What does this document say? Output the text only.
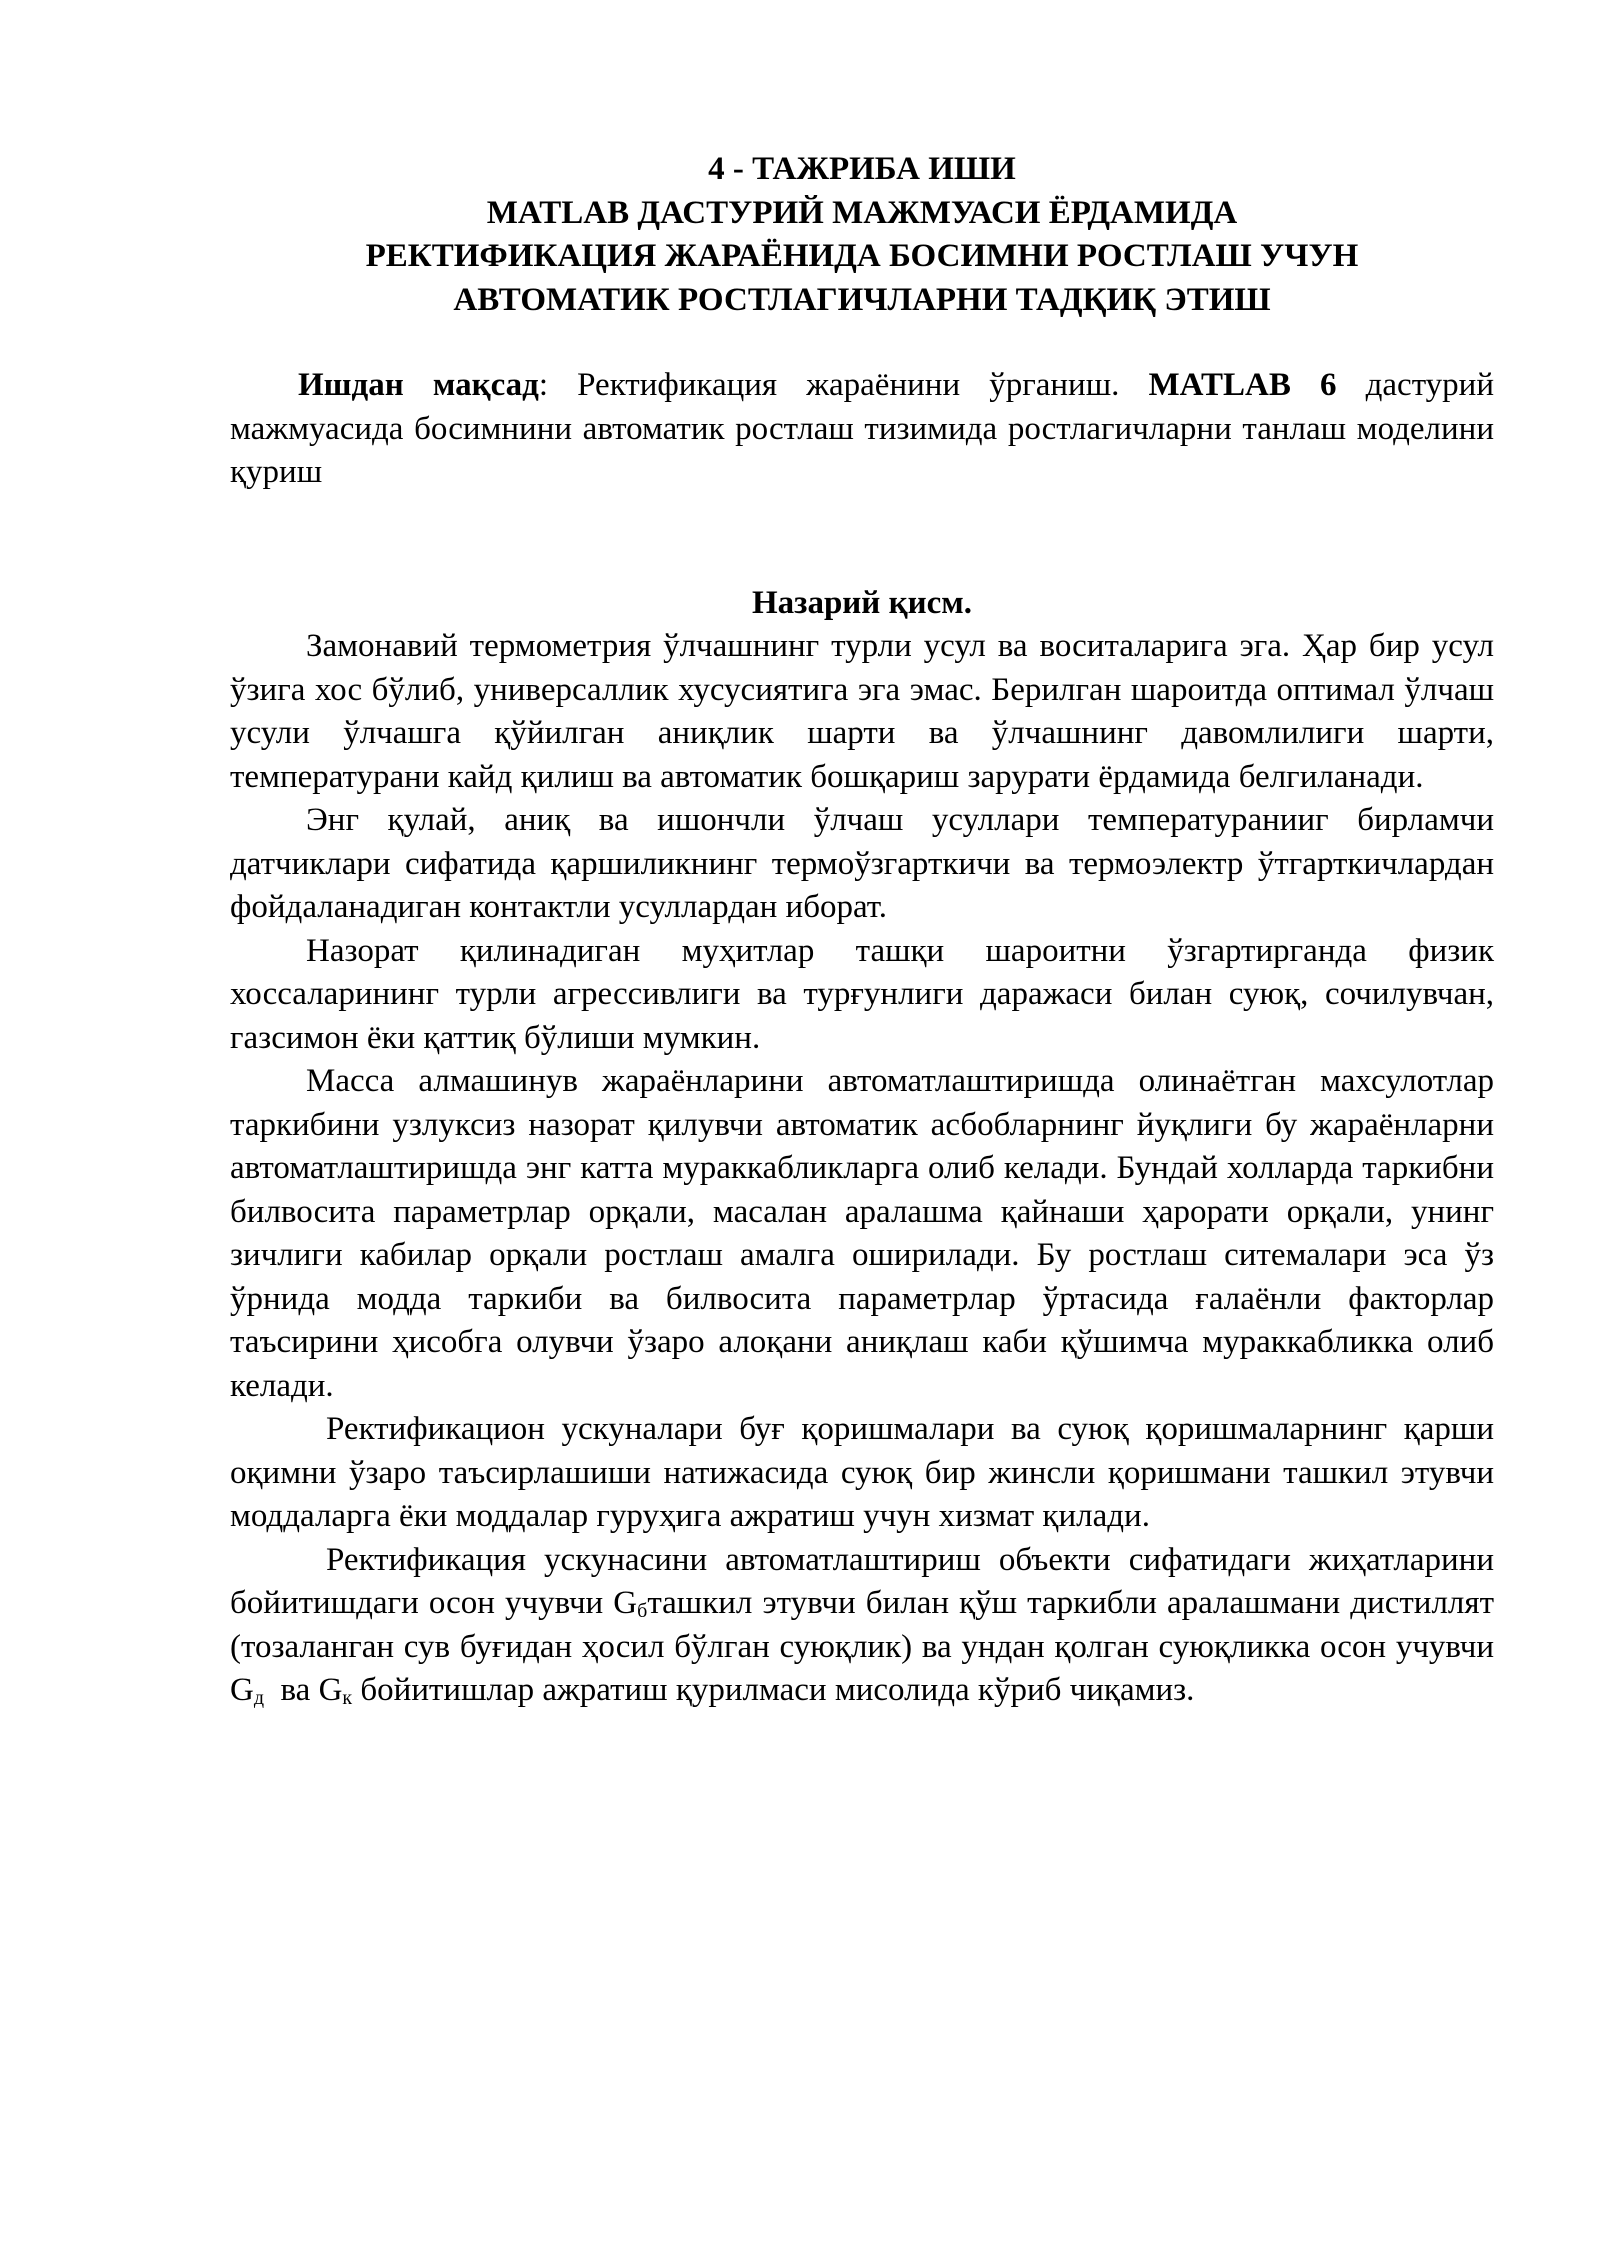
4 - ТАЖРИБА ИШИ
MATLAB ДАСТУРИЙ МАЖМУАСИ ЁРДАМИДА
РЕКТИФИКАЦИЯ ЖАРАЁНИДА БОСИМНИ РОСТЛАШ УЧУН
АВТОМАТИК РОСТЛАГИЧЛАРНИ ТАДҚИҚ ЭТИШ

Ишдан мақсад: Ректификация жараёнини ўрганиш. MATLAB 6 дастурий мажмуасида босимнини автоматик ростлаш тизимида ростлагичларни танлаш моделини қуриш

Назарий қисм.

Замонавий термометрия ўлчашнинг турли усул ва воситаларига эга. Ҳар бир усул ўзига хос бўлиб, универсаллик хусусиятига эга эмас. Берилган шароитда оптимал ўлчаш усули ўлчашга қўйилган аниқлик шарти ва ўлчашнинг давомлилиги шарти, температурани кайд қилиш ва автоматик бошқариш зарурати ёрдамида белгиланади.

Энг қулай, аниқ ва ишончли ўлчаш усуллари температурaнииг бирламчи датчиклари сифатида қаршиликнинг термоўзгарткичи ва термоэлектр ўтгарткичлардан фойдаланадиган контактли усуллардан иборат.

Назорат қилинадиган муҳитлар ташқи шароитни ўзгартирганда физик хоссаларининг турли агрессивлиги ва турғунлиги даражаси билан суюқ, сочилувчан, газсимон ёки қаттиқ бўлиши мумкин.

Масса алмашинув жараёнларини автоматлаштиришда олинаётган махсулотлар таркибини узлуксиз назорат қилувчи автоматик асбобларнинг йуқлиги бу жараёнларни автоматлаштиришда энг катта мураккабликларга олиб келади. Бундай холларда таркибни билвосита параметрлар орқали, масалан аралашма қайнаши ҳарорати орқали, унинг зичлиги кабилар орқали ростлаш амалга оширилади. Бу ростлаш ситемалари эса ўз ўрнида модда таркиби ва билвосита параметрлар ўртасида ғалаёнли факторлар таъсирини ҳисобга олувчи ўзаро алоқани аниқлаш каби қўшимча мураккабликка олиб келади.

Ректификацион ускуналари буғ қоришмалари ва суюқ қоришмаларнинг қарши оқимни ўзаро таъсирлашиши натижасида суюқ бир жинсли қоришмани ташкил этувчи моддаларга ёки моддалар гуруҳига ажратиш учун хизмат қилади.

Ректификация ускунасини автоматлаштириш объекти сифатидаги жиҳатларини бойитишдаги осон учувчи $G_бташкил$ этувчи билан қўш таркибли аралашмани дистиллят (тозаланган сув буғидан ҳосил бўлган суюқлик) ва ундан қолган суюқликка осон учувчи $G_д$  ва $G_к$ бойитишлар ажратиш қурилмаси мисолида кўриб чиқамиз.
